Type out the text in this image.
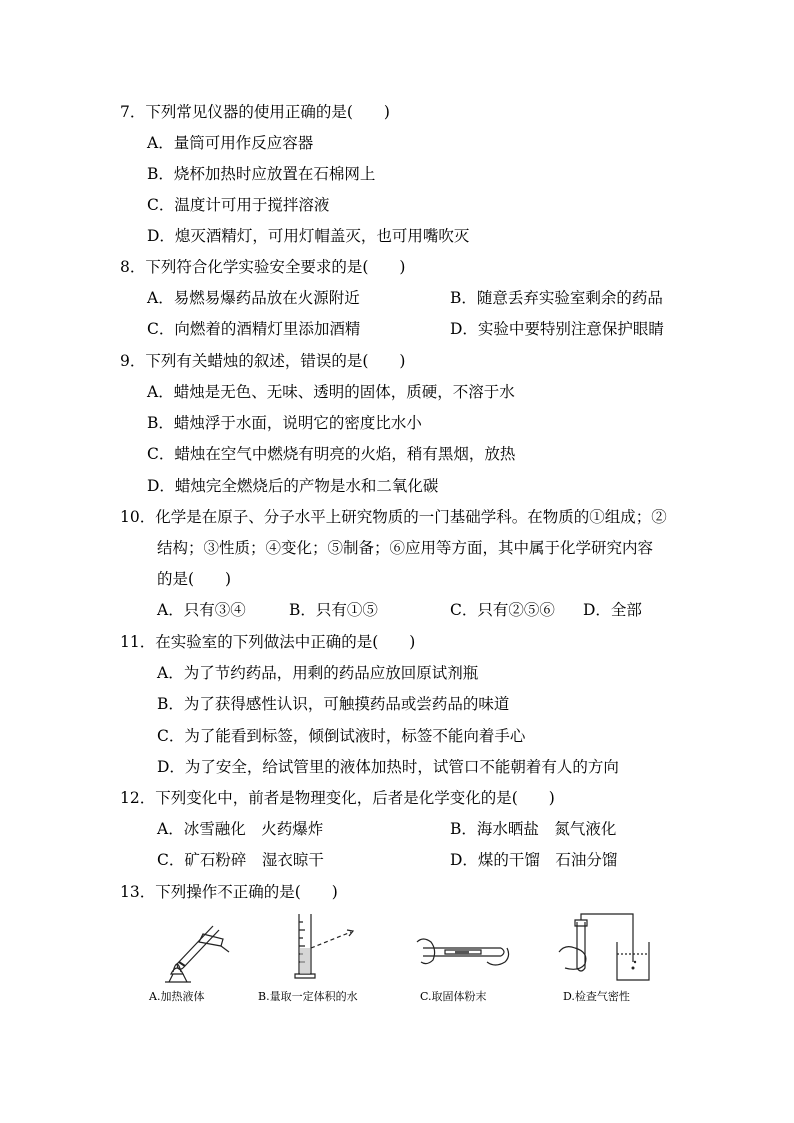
7．下列常见仪器的使用正确的是(　　)
A．量筒可用作反应容器
B．烧杯加热时应放置在石棉网上
C．温度计可用于搅拌溶液
D．熄灭酒精灯，可用灯帽盖灭，也可用嘴吹灭
8．下列符合化学实验安全要求的是(　　)
A．易燃易爆药品放在火源附近	B．随意丢弃实验室剩余的药品
C．向燃着的酒精灯里添加酒精	D．实验中要特别注意保护眼睛
9．下列有关蜡烛的叙述，错误的是(　　)
A．蜡烛是无色、无味、透明的固体，质硬，不溶于水
B．蜡烛浮于水面，说明它的密度比水小
C．蜡烛在空气中燃烧有明亮的火焰，稍有黑烟，放热
D．蜡烛完全燃烧后的产物是水和二氧化碳
10．化学是在原子、分子水平上研究物质的一门基础学科。在物质的①组成；②
结构；③性质；④变化；⑤制备；⑥应用等方面，其中属于化学研究内容
的是(　　)
A．只有③④	B．只有①⑤	C．只有②⑤⑥ D．全部
11．在实验室的下列做法中正确的是(　　)
A．为了节约药品，用剩的药品应放回原试剂瓶
B．为了获得感性认识，可触摸药品或尝药品的味道
C．为了能看到标签，倾倒试液时，标签不能向着手心
D．为了安全，给试管里的液体加热时，试管口不能朝着有人的方向
12．下列变化中，前者是物理变化，后者是化学变化的是(　　)
A．冰雪融化　火药爆炸	B．海水晒盐　氮气液化
C．矿石粉碎　湿衣晾干	D．煤的干馏　石油分馏
13．下列操作不正确的是(　　)
A.加热液体	B.量取一定体积的水	C.取固体粉末	D.检查气密性
